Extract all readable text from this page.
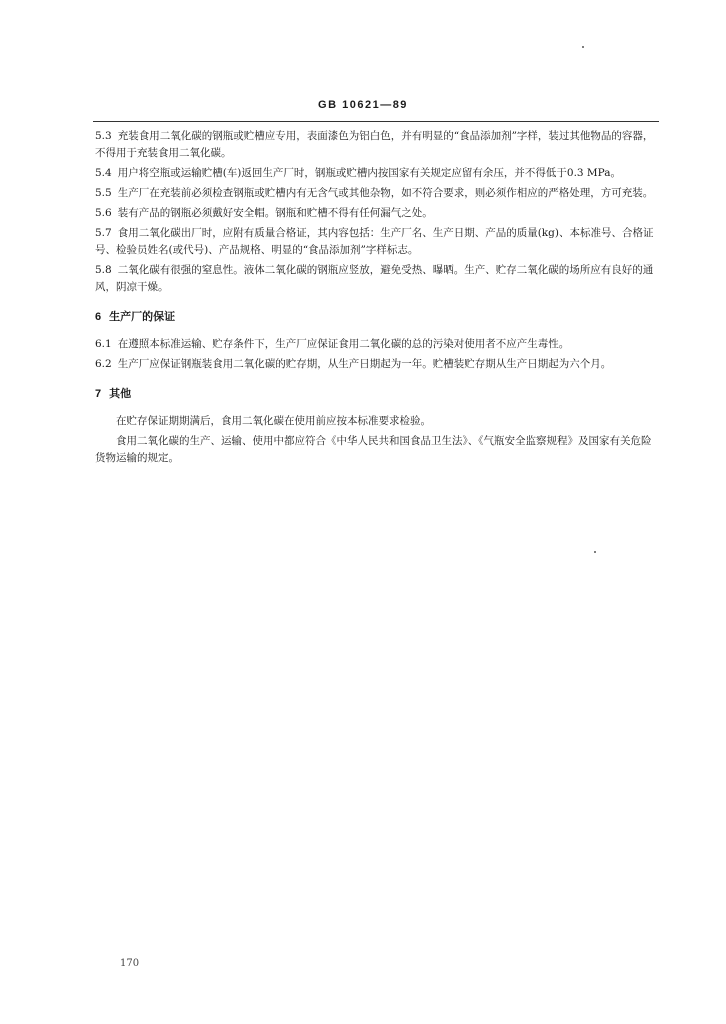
GB 10621—89

5.3 充装食用二氧化碳的钢瓶或贮槽应专用，表面漆色为铝白色，并有明显的“食品添加剂”字样，装过其他物品的容器，不得用于充装食用二氧化碳。

5.4 用户将空瓶或运输贮槽(车)返回生产厂时，钢瓶或贮槽内按国家有关规定应留有余压，并不得低于0.3 MPa。

5.5 生产厂在充装前必须检查钢瓶或贮槽内有无含气或其他杂物，如不符合要求，则必须作相应的严格处理，方可充装。

5.6 装有产品的钢瓶必须戴好安全帽。钢瓶和贮槽不得有任何漏气之处。

5.7 食用二氧化碳出厂时，应附有质量合格证，其内容包括：生产厂名、生产日期、产品的质量(kg)、本标准号、合格证号、检验员姓名(或代号)、产品规格、明显的“食品添加剂”字样标志。

5.8 二氧化碳有很强的窒息性。液体二氧化碳的钢瓶应竖放，避免受热、曝晒。生产、贮存二氧化碳的场所应有良好的通风，阴凉干燥。

6 生产厂的保证

6.1 在遵照本标准运输、贮存条件下，生产厂应保证食用二氧化碳的总的污染对使用者不应产生毒性。

6.2 生产厂应保证钢瓶装食用二氧化碳的贮存期，从生产日期起为一年。贮槽装贮存期从生产日期起为六个月。

7 其他

在贮存保证期期满后，食用二氧化碳在使用前应按本标准要求检验。

食用二氧化碳的生产、运输、使用中都应符合《中华人民共和国食品卫生法》、《气瓶安全监察规程》及国家有关危险货物运输的规定。

170
